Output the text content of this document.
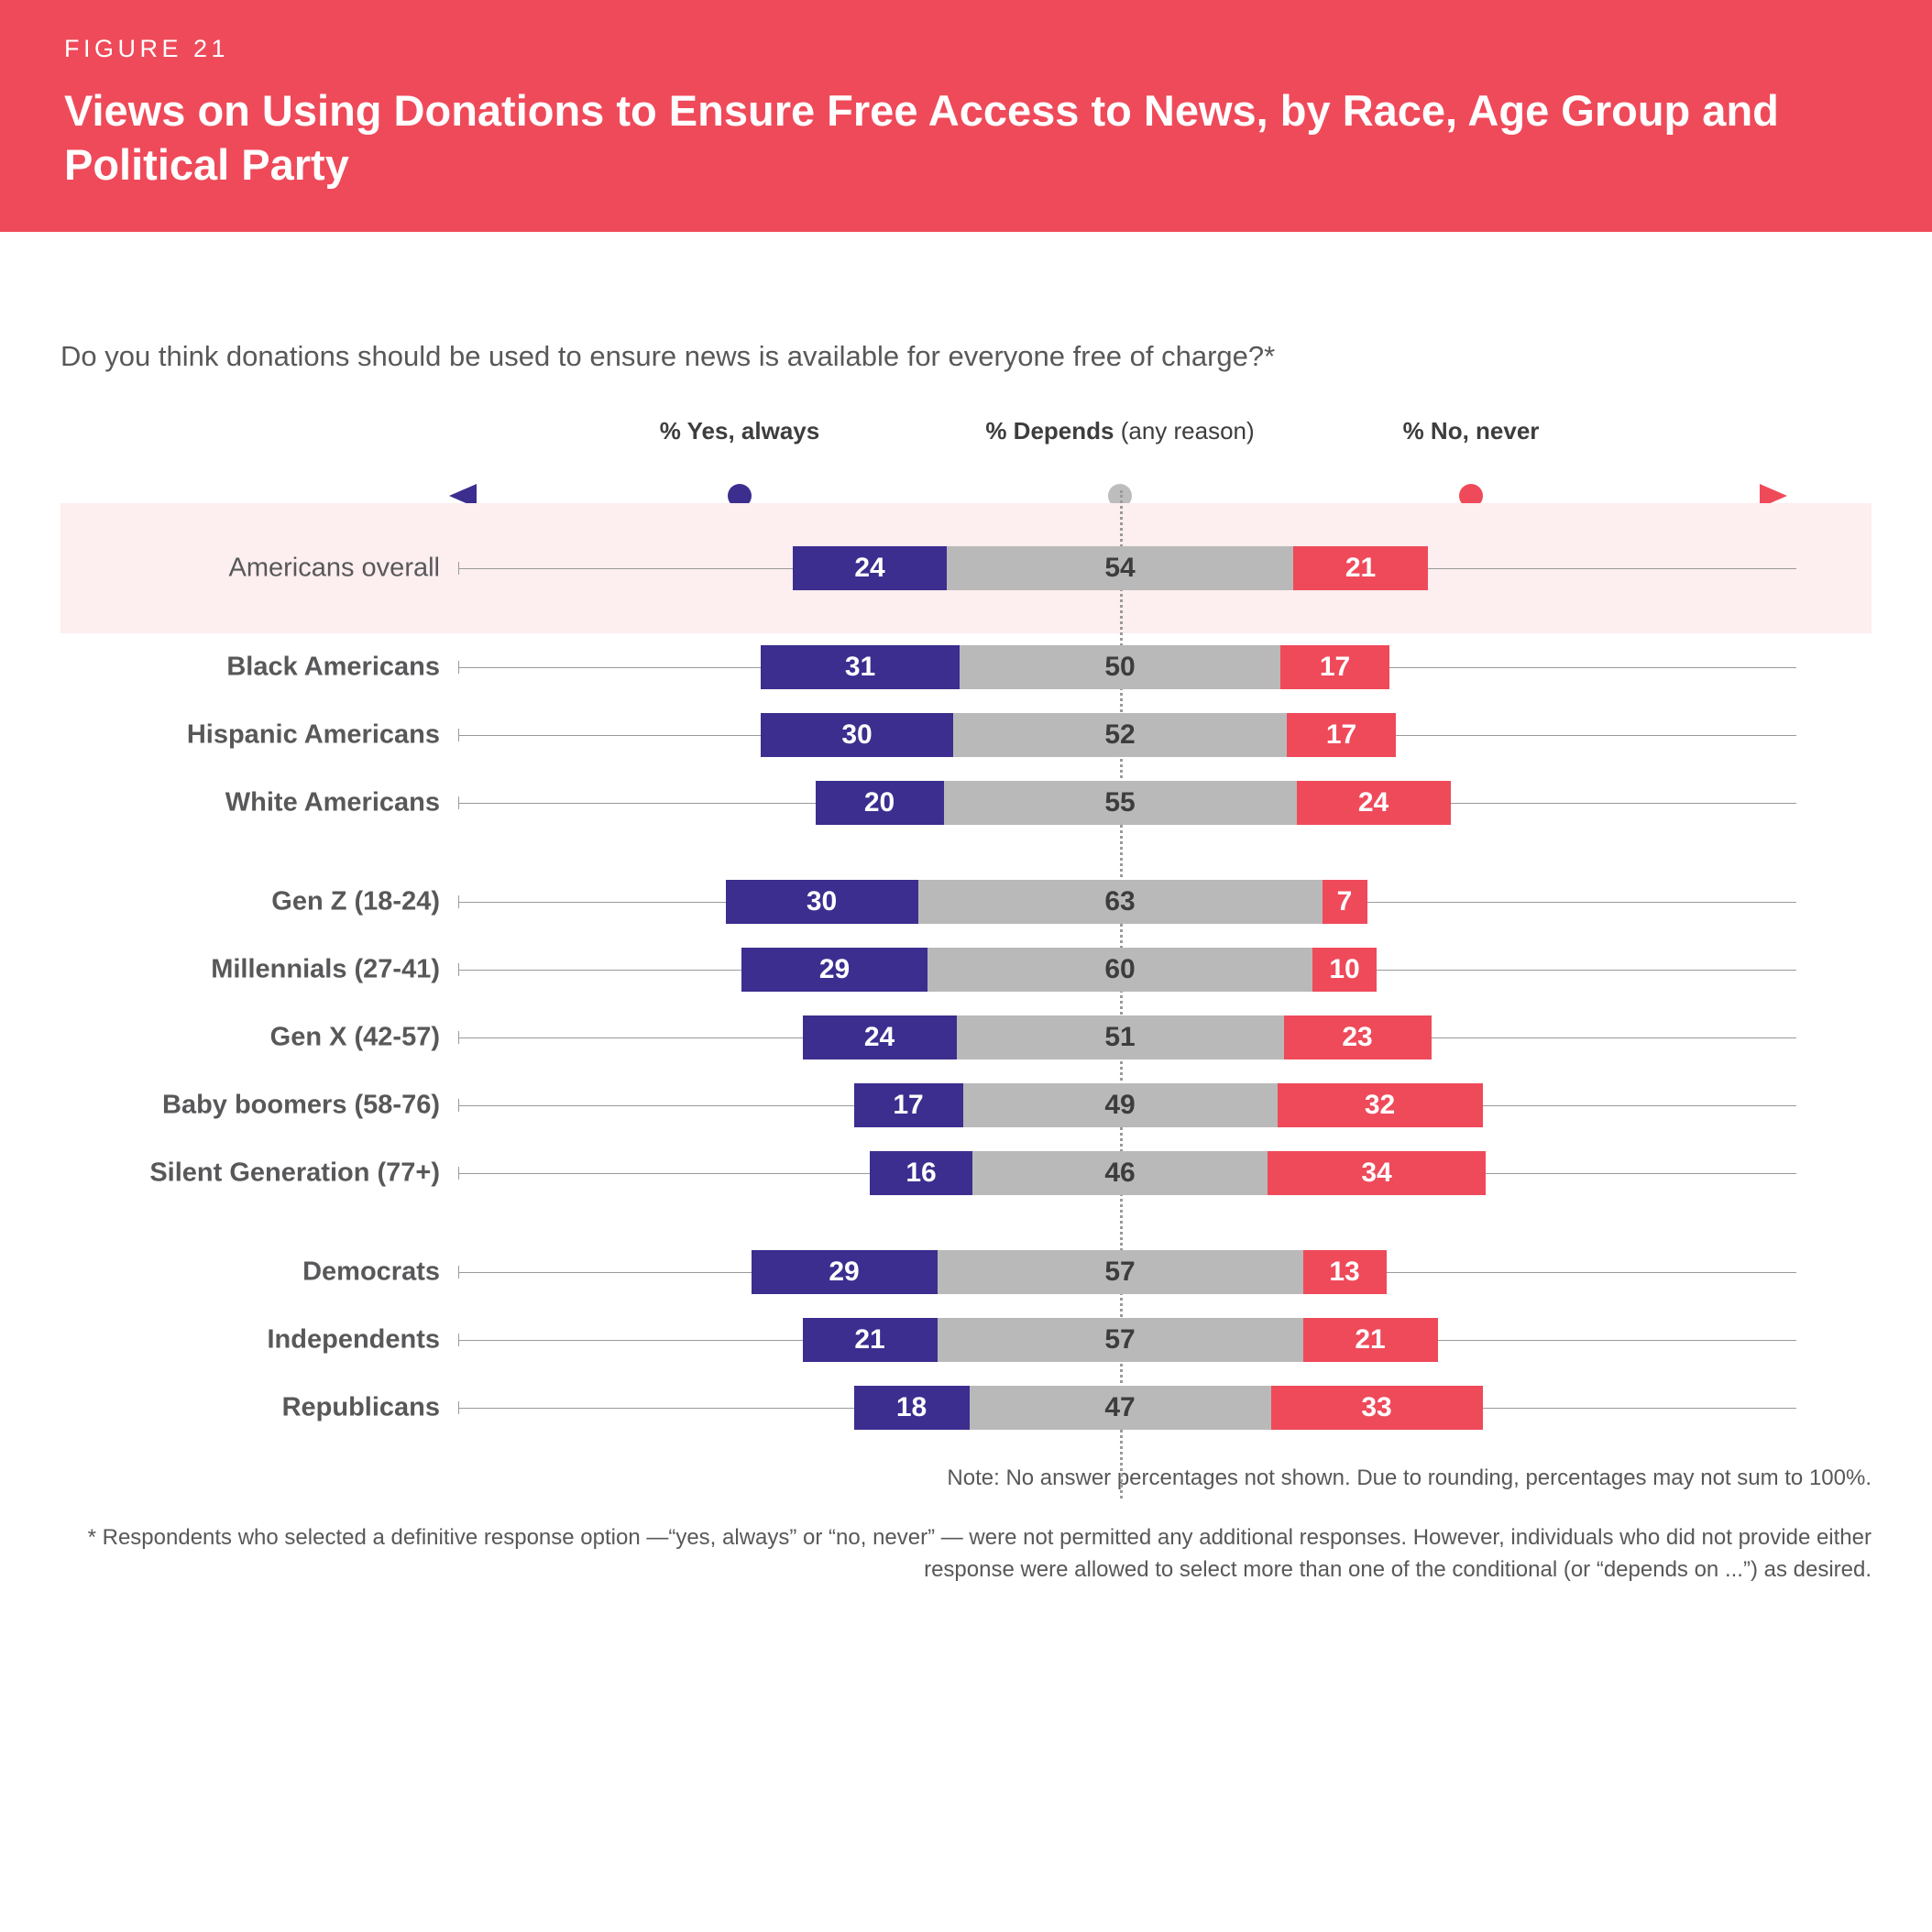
FIGURE 21
Views on Using Donations to Ensure Free Access to News, by Race, Age Group and Political Party
Do you think donations should be used to ensure news is available for everyone free of charge?*
% Yes, always	% Depends (any reason)	% No, never
Americans overall	24	54	21
Black Americans	31	50	17
Hispanic Americans	30	52	17
White Americans	20	55	24
Gen Z (18-24)	30	63	7
Millennials (27-41)	29	60	10
Gen X (42-57)	24	51	23
Baby boomers (58-76)	17	49	32
Silent Generation (77+)	16	46	34
Democrats	29	57	13
Independents	21	57	21
Republicans	18	47	33
Note: No answer percentages not shown. Due to rounding, percentages may not sum to 100%.
* Respondents who selected a definitive response option —“yes, always” or “no, never” — were not permitted any additional responses. However, individuals who did not provide either response were allowed to select more than one of the conditional (or “depends on ...”) as desired.
